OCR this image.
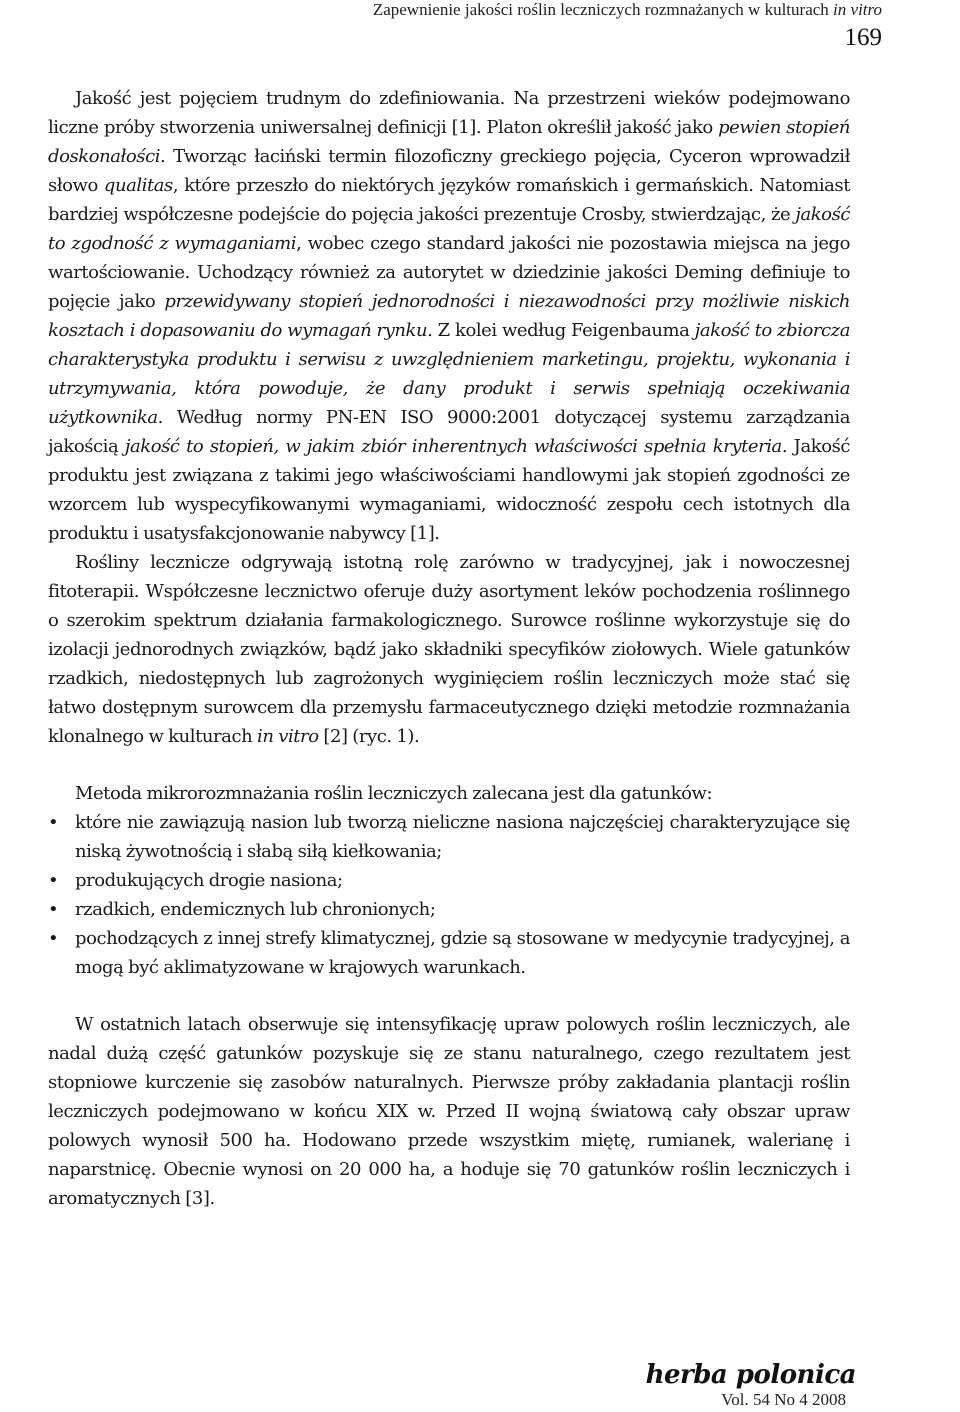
Zapewnienie jakości roślin leczniczych rozmnażanych w kulturach in vitro
169

Jakość jest pojęciem trudnym do zdefiniowania. Na przestrzeni wieków podejmowano liczne próby stworzenia uniwersalnej definicji [1]. Platon określił jakość jako pewien stopień doskonałości. Tworząc łaciński termin filozoficzny greckiego pojęcia, Cyceron wprowadził słowo qualitas, które przeszło do niektórych języków romańskich i germańskich. Natomiast bardziej współczesne podejście do pojęcia jakości prezentuje Crosby, stwierdzając, że jakość to zgodność z wymaganiami, wobec czego standard jakości nie pozostawia miejsca na jego wartościowanie. Uchodzący również za autorytet w dziedzinie jakości Deming definiuje to pojęcie jako przewidywany stopień jednorodności i niezawodności przy możliwie niskich kosztach i dopasowaniu do wymagań rynku. Z kolei według Feigenbauma jakość to zbiorcza charakterystyka produktu i serwisu z uwzględnieniem marketingu, projektu, wykonania i utrzymywania, która powoduje, że dany produkt i serwis spełniają oczekiwania użytkownika. Według normy PN-EN ISO 9000:2001 dotyczącej systemu zarządzania jakością jakość to stopień, w jakim zbiór inherentnych właściwości spełnia kryteria. Jakość produktu jest związana z takimi jego właściwościami handlowymi jak stopień zgodności ze wzorcem lub wyspecyfikowanymi wymaganiami, widoczność zespołu cech istotnych dla produktu i usatysfakcjonowanie nabywcy [1].

Rośliny lecznicze odgrywają istotną rolę zarówno w tradycyjnej, jak i nowoczesnej fitoterapii. Współczesne lecznictwo oferuje duży asortyment leków pochodzenia roślinnego o szerokim spektrum działania farmakologicznego. Surowce roślinne wykorzystuje się do izolacji jednorodnych związków, bądź jako składniki specyfików ziołowych. Wiele gatunków rzadkich, niedostępnych lub zagrożonych wyginięciem roślin leczniczych może stać się łatwo dostępnym surowcem dla przemysłu farmaceutycznego dzięki metodzie rozmnażania klonalnego w kulturach in vitro [2] (ryc. 1).

Metoda mikrorozmnażania roślin leczniczych zalecana jest dla gatunków:

• które nie zawiązują nasion lub tworzą nieliczne nasiona najczęściej charakteryzujące się niską żywotnością i słabą siłą kiełkowania;
• produkujących drogie nasiona;
• rzadkich, endemicznych lub chronionych;
• pochodzących z innej strefy klimatycznej, gdzie są stosowane w medycynie tradycyjnej, a mogą być aklimatyzowane w krajowych warunkach.

W ostatnich latach obserwuje się intensyfikację upraw polowych roślin leczniczych, ale nadal dużą część gatunków pozyskuje się ze stanu naturalnego, czego rezultatem jest stopniowe kurczenie się zasobów naturalnych. Pierwsze próby zakładania plantacji roślin leczniczych podejmowano w końcu XIX w. Przed II wojną światową cały obszar upraw polowych wynosił 500 ha. Hodowano przede wszystkim miętę, rumianek, walerianę i naparstnicę. Obecnie wynosi on 20 000 ha, a hoduje się 70 gatunków roślin leczniczych i aromatycznych [3].

herba polonica
Vol. 54 No 4 2008
